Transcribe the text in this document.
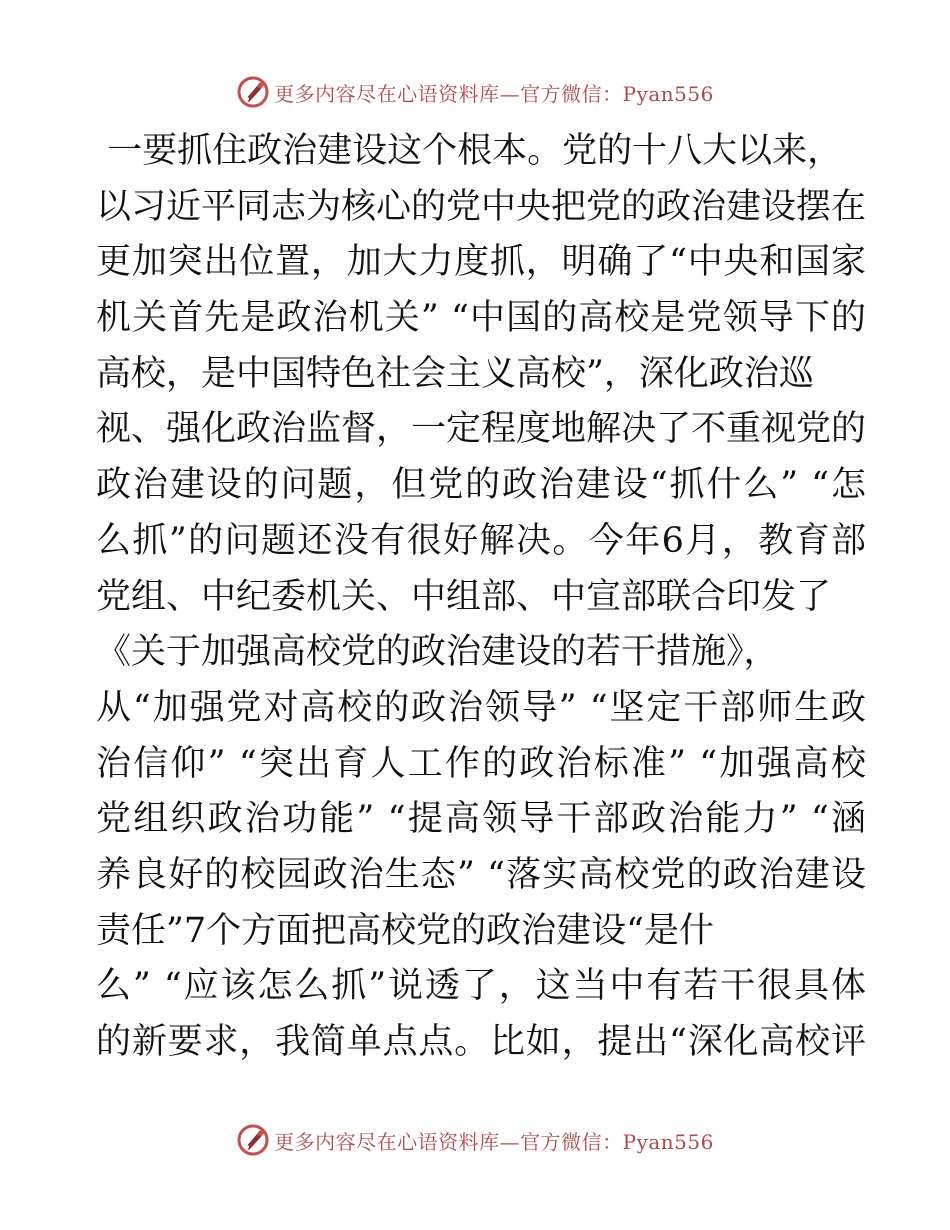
更多内容尽在心语资料库—官方微信：Pyan556
一要抓住政治建设这个根本。党的十八大以来，
以习近平同志为核心的党中央把党的政治建设摆在
更加突出位置，加大力度抓，明确了“中央和国家
机关首先是政治机关” “中国的高校是党领导下的
高校，是中国特色社会主义高校”，深化政治巡
视、强化政治监督，一定程度地解决了不重视党的
政治建设的问题，但党的政治建设“抓什么” “怎
么抓”的问题还没有很好解决。今年6月，教育部
党组、中纪委机关、中组部、中宣部联合印发了
《关于加强高校党的政治建设的若干措施》，
从“加强党对高校的政治领导” “坚定干部师生政
治信仰” “突出育人工作的政治标准” “加强高校
党组织政治功能” “提高领导干部政治能力” “涵
养良好的校园政治生态” “落实高校党的政治建设
责任”7个方面把高校党的政治建设“是什
么” “应该怎么抓”说透了，这当中有若干很具体
的新要求，我简单点点。比如，提出“深化高校评
更多内容尽在心语资料库—官方微信：Pyan556
